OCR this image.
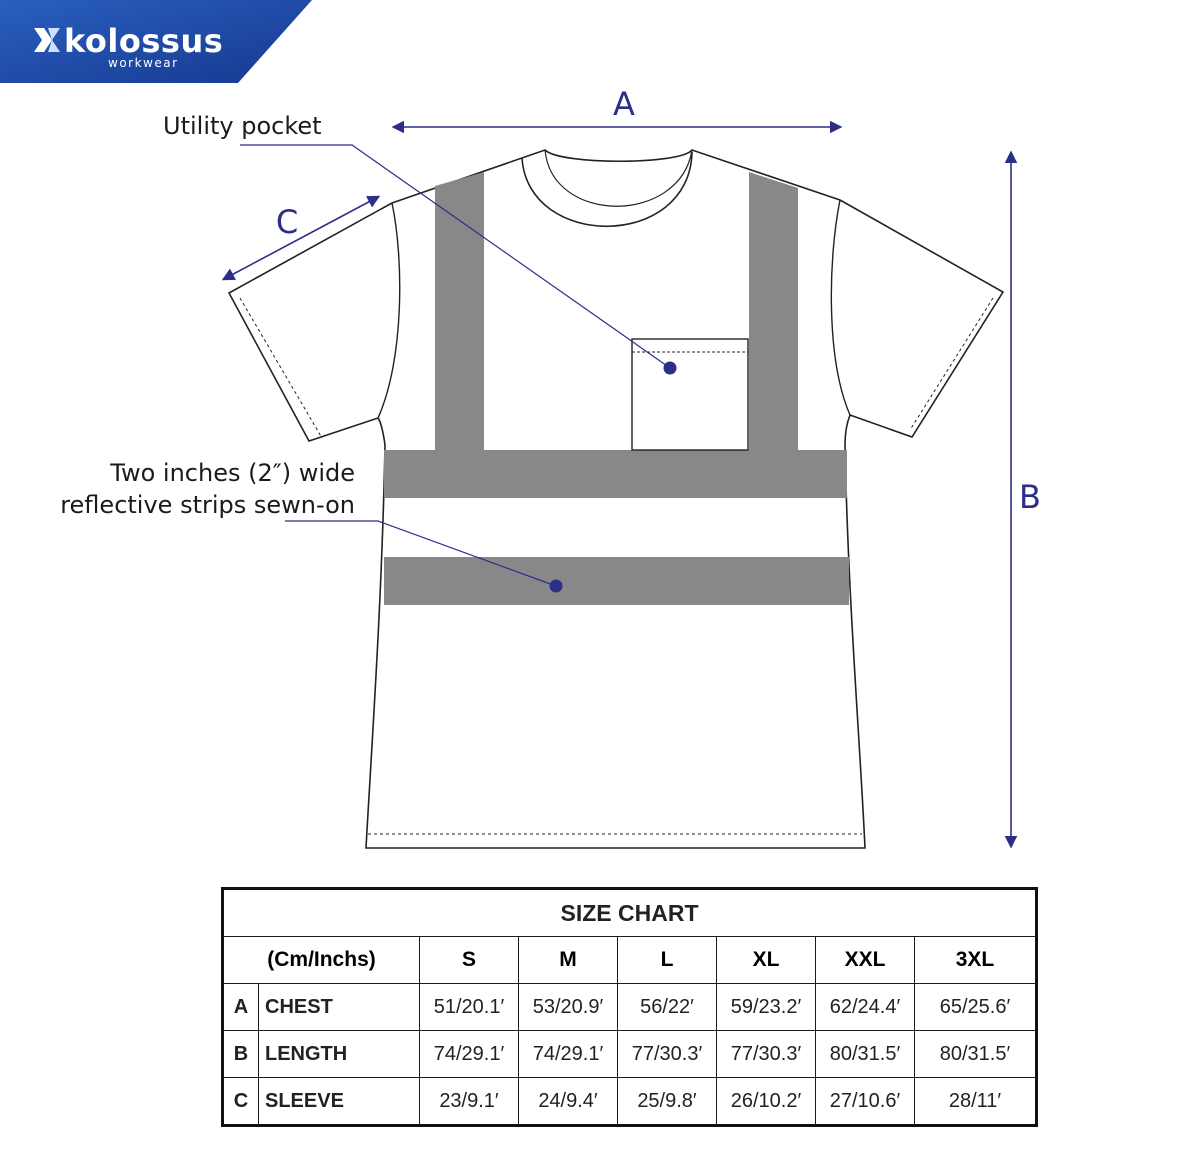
kolossus
workwear
A
B
C
Utility pocket
Two inches (2″) wide
reflective strips sewn-on
SIZE CHART							
(Cm/Inchs)		S	M	L	XL	XXL	3XL
A	CHEST	51/20.1′	53/20.9′	56/22′	59/23.2′	62/24.4′	65/25.6′
B	LENGTH	74/29.1′	74/29.1′	77/30.3′	77/30.3′	80/31.5′	80/31.5′
C	SLEEVE	23/9.1′	24/9.4′	25/9.8′	26/10.2′	27/10.6′	28/11′
